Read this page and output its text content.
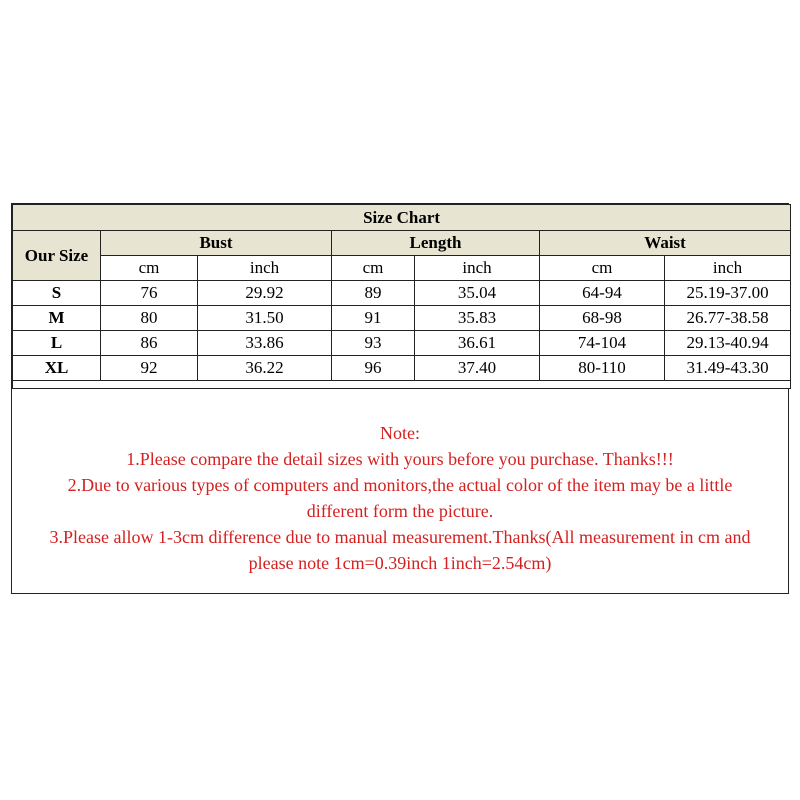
Size Chart						
Our Size	Bust		Length		Waist	
	cm	inch	cm	inch	cm	inch
S	76	29.92	89	35.04	64-94	25.19-37.00
M	80	31.50	91	35.83	68-98	26.77-38.58
L	86	33.86	93	36.61	74-104	29.13-40.94
XL	92	36.22	96	37.40	80-110	31.49-43.30

Note:
1.Please compare the detail sizes with yours before you purchase. Thanks!!!
2.Due to various types of computers and monitors,the actual color of the item may be a little
different form the picture.
3.Please allow 1-3cm difference due to manual measurement.Thanks(All measurement in cm and
please note 1cm=0.39inch 1inch=2.54cm)
